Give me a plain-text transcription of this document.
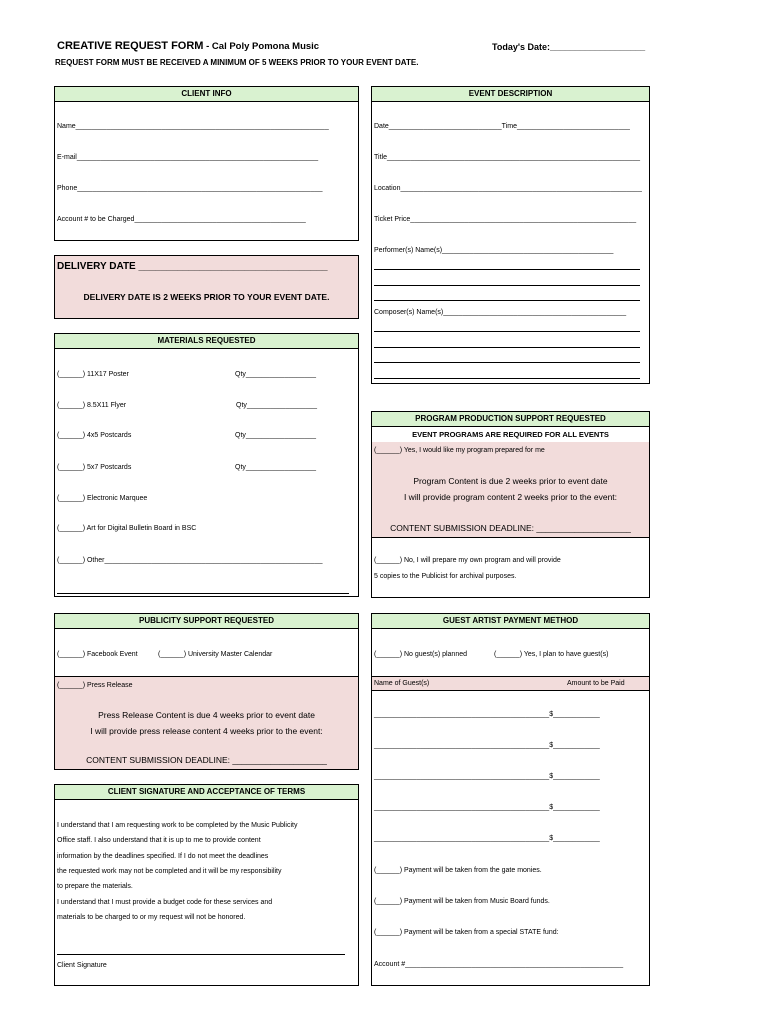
CREATIVE REQUEST FORM - Cal Poly Pomona Music	Today's Date:___________________
REQUEST FORM MUST BE RECEIVED A MINIMUM OF 5 WEEKS PRIOR TO YOUR EVENT DATE.
CLIENT INFO
Name_________________________________________________________________
E-mail______________________________________________________________
Phone_______________________________________________________________
Account # to be Charged____________________________________________
DELIVERY DATE __________________________________
DELIVERY DATE IS 2 WEEKS PRIOR TO YOUR EVENT DATE.
EVENT DESCRIPTION
Date_____________________________Time_____________________________
Title_________________________________________________________________
Location______________________________________________________________
Ticket Price__________________________________________________________
Performer(s) Name(s)____________________________________________
Composer(s) Name(s)_______________________________________________
MATERIALS REQUESTED
(______) 11X17 Poster	Qty__________________
(______) 8.5X11 Flyer	Qty__________________
(______) 4x5 Postcards	Qty__________________
(______) 5x7 Postcards	Qty__________________
(______) Electronic Marquee
(______) Art for Digital Bulletin Board in BSC
(______) Other________________________________________________________
PROGRAM PRODUCTION SUPPORT REQUESTED
EVENT PROGRAMS ARE REQUIRED FOR ALL EVENTS
(______) Yes, I would like my program prepared for me
Program Content is due 2 weeks prior to event date
I will provide program content 2 weeks prior to the event:
CONTENT SUBMISSION DEADLINE: ____________________
(______) No, I will prepare my own program and will provide
5 copies to the Publicist for archival purposes.
PUBLICITY SUPPORT REQUESTED
(______) Facebook Event	(______) University Master Calendar
(______) Press Release
Press Release Content is due 4 weeks prior to event date
I will provide press release content 4 weeks prior to the event:
CONTENT SUBMISSION DEADLINE: ____________________
GUEST ARTIST PAYMENT METHOD
(______) No guest(s) planned	(______) Yes, I plan to have guest(s)
Name of Guest(s)	Amount to be Paid
_____________________________________________$____________
_____________________________________________$____________
_____________________________________________$____________
_____________________________________________$____________
_____________________________________________$____________
(______) Payment will be taken from the gate monies.
(______) Payment will be taken from Music Board funds.
(______) Payment will be taken from a special STATE fund:
Account #________________________________________________________
CLIENT SIGNATURE AND ACCEPTANCE OF TERMS
I understand that I am requesting work to be completed by the Music Publicity
Office staff. I also understand that it is up to me to provide content
information by the deadlines specified. If I do not meet the deadlines
the requested work may not be completed and it will be my responsibility
to prepare the materials.
I understand that I must provide a budget code for these services and
materials to be charged to or my request will not be honored.
Client Signature
